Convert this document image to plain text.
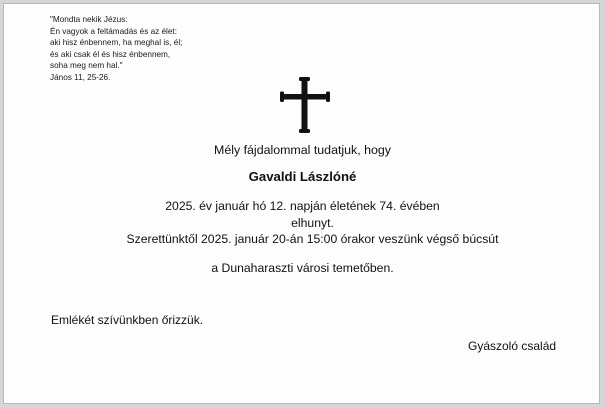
"Mondta nekik Jézus:
Én vagyok a feltámadás és az élet:
aki hisz énbennem, ha meghal is, él;
és aki csak él és hisz énbennem,
soha meg nem hal."
János 11, 25-26.
Mély fájdalommal tudatjuk, hogy
Gavaldi Lászlóné
2025. év január hó 12. napján életének 74. évében
elhunyt.
Szerettünktől 2025. január 20-án 15:00 órakor veszünk végső búcsút
a Dunaharaszti városi temetőben.
Emlékét szívünkben őrizzük.
Gyászoló család
